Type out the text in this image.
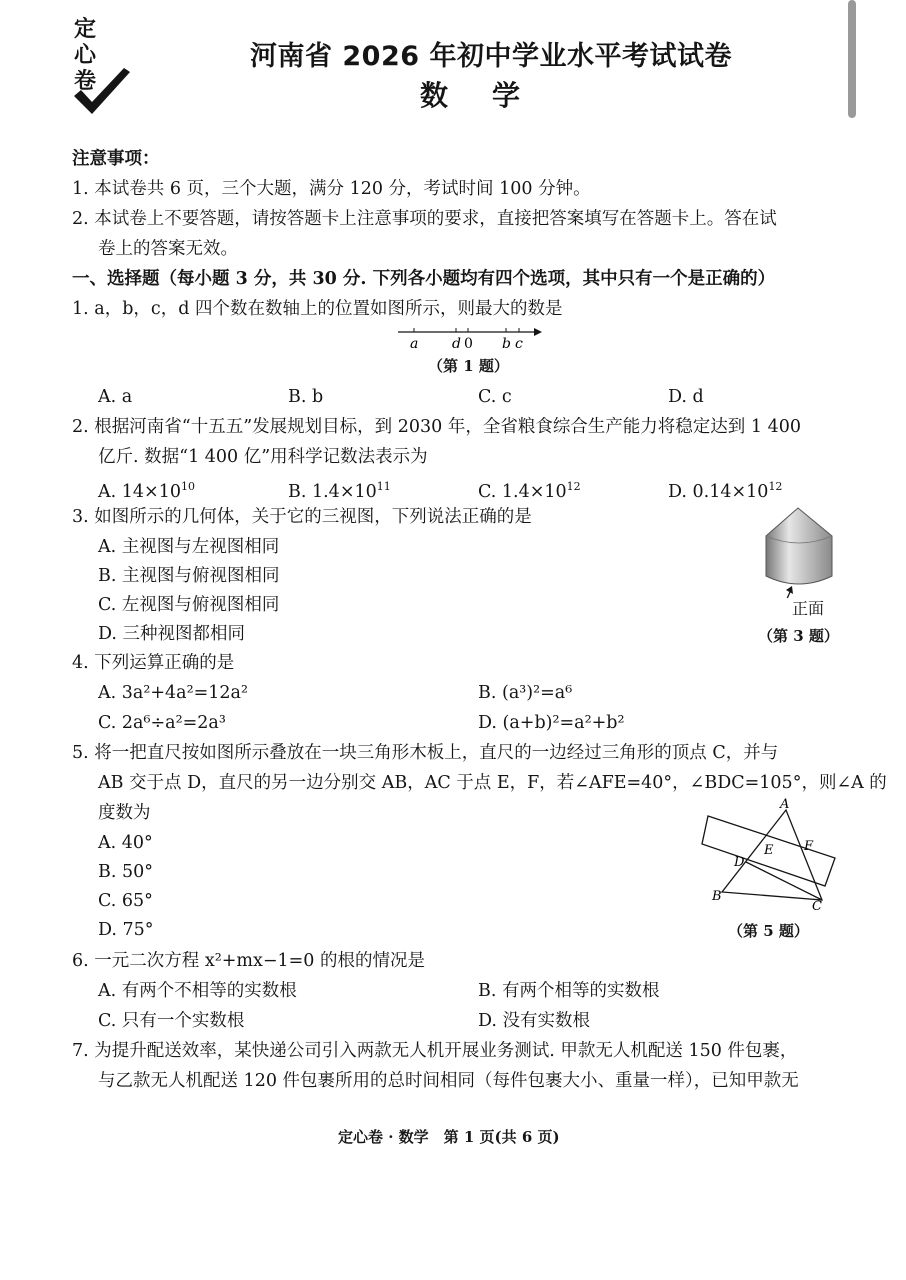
定
心
卷
河南省 2026 年初中学业水平考试试卷
数学
注意事项：
1. 本试卷共 6 页，三个大题，满分 120 分，考试时间 100 分钟。
2. 本试卷上不要答题，请按答题卡上注意事项的要求，直接把答案填写在答题卡上。答在试
卷上的答案无效。
一、选择题（每小题 3 分，共 30 分. 下列各小题均有四个选项，其中只有一个是正确的）
1. a，b，c，d 四个数在数轴上的位置如图所示，则最大的数是
a d 0 b c
（第 1 题）
A. a	B. b	C. c	D. d
2. 根据河南省“十五五”发展规划目标，到 2030 年，全省粮食综合生产能力将稳定达到 1 400
亿斤. 数据“1 400 亿”用科学记数法表示为
A. $14\times 10^{10}$	B. $1.4\times 10^{11}$	C. $1.4\times 10^{12}$	D. $0.14\times 10^{12}$
3. 如图所示的几何体，关于它的三视图，下列说法正确的是
A. 主视图与左视图相同
B. 主视图与俯视图相同
C. 左视图与俯视图相同
D. 三种视图都相同
正面
（第 3 题）
4. 下列运算正确的是
A. 3a²+4a²=12a²	B. (a³)²=a⁶
C. 2a⁶÷a²=2a³	D. (a+b)²=a²+b²
5. 将一把直尺按如图所示叠放在一块三角形木板上，直尺的一边经过三角形的顶点 C，并与
AB 交于点 D，直尺的另一边分别交 AB，AC 于点 E，F，若∠AFE=40°，∠BDC=105°，则∠A 的
度数为
A. 40°
B. 50°
C. 65°
D. 75°
A
B
C
D
E F
（第 5 题）
6. 一元二次方程 x²+mx−1=0 的根的情况是
A. 有两个不相等的实数根	B. 有两个相等的实数根
C. 只有一个实数根	D. 没有实数根
7. 为提升配送效率，某快递公司引入两款无人机开展业务测试. 甲款无人机配送 150 件包裹，
与乙款无人机配送 120 件包裹所用的总时间相同（每件包裹大小、重量一样），已知甲款无
定心卷 · 数学　第 1 页(共 6 页)
